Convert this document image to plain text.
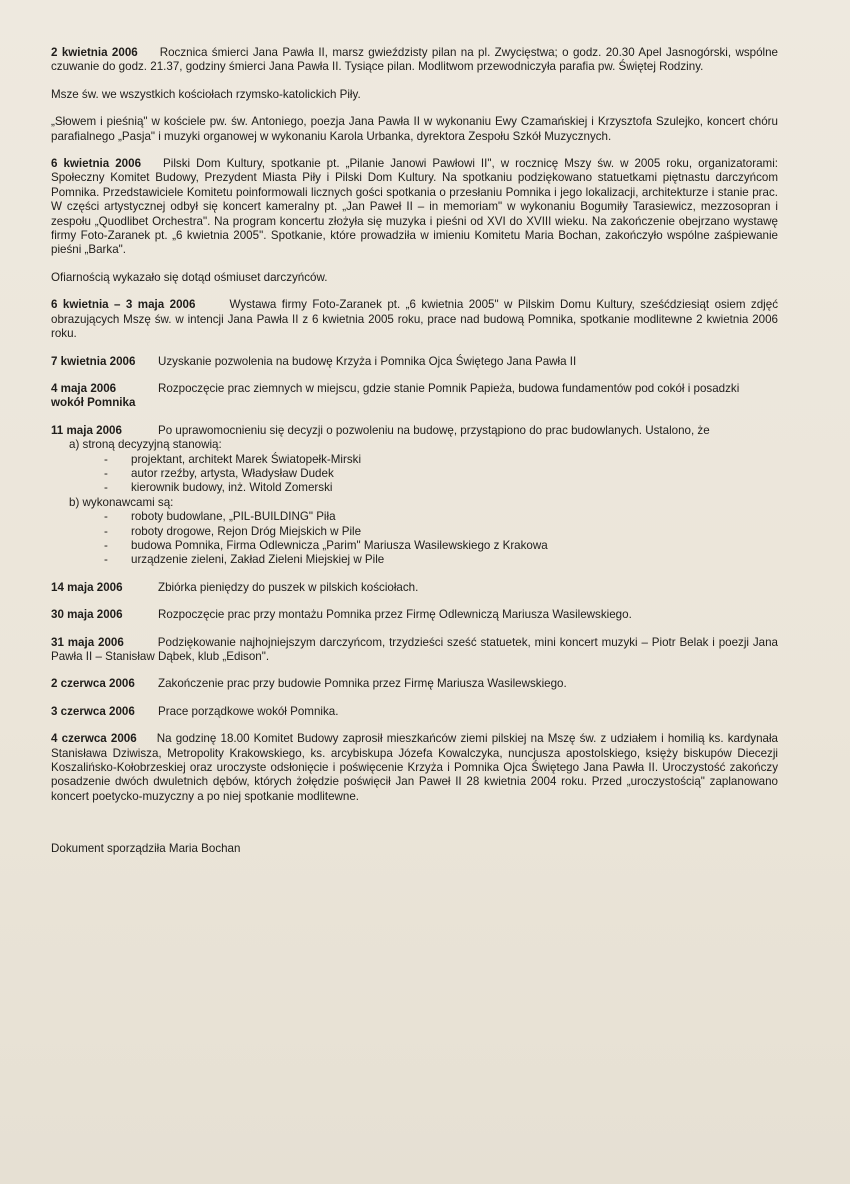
2 kwietnia 2006 Rocznica śmierci Jana Pawła II, marsz gwieździsty pilan na pl. Zwycięstwa; o godz. 20.30 Apel Jasnogórski, wspólne czuwanie do godz. 21.37, godziny śmierci Jana Pawła II. Tysiące pilan. Modlitwom przewodniczyła parafia pw. Świętej Rodziny.

Msze św. we wszystkich kościołach rzymsko-katolickich Piły.

„Słowem i pieśnią" w kościele pw. św. Antoniego, poezja Jana Pawła II w wykonaniu Ewy Czamańskiej i Krzysztofa Szulejko, koncert chóru parafialnego „Pasja" i muzyki organowej w wykonaniu Karola Urbanka, dyrektora Zespołu Szkół Muzycznych.

6 kwietnia 2006 Pilski Dom Kultury, spotkanie pt. „Pilanie Janowi Pawłowi II", w rocznicę Mszy św. w 2005 roku, organizatorami: Społeczny Komitet Budowy, Prezydent Miasta Piły i Pilski Dom Kultury. Na spotkaniu podziękowano statuetkami piętnastu darczyńcom Pomnika. Przedstawiciele Komitetu poinformowali licznych gości spotkania o przesłaniu Pomnika i jego lokalizacji, architekturze i stanie prac. W części artystycznej odbył się koncert kameralny pt. „Jan Paweł II – in memoriam" w wykonaniu Bogumiły Tarasiewicz, mezzosopran i zespołu „Quodlibet Orchestra". Na program koncertu złożyła się muzyka i pieśni od XVI do XVIII wieku. Na zakończenie obejrzano wystawę firmy Foto-Zaranek pt. „6 kwietnia 2005". Spotkanie, które prowadziła w imieniu Komitetu Maria Bochan, zakończyło wspólne zaśpiewanie pieśni „Barka".

Ofiarnością wykazało się dotąd ośmiuset darczyńców.

6 kwietnia – 3 maja 2006	Wystawa firmy Foto-Zaranek pt. „6 kwietnia 2005" w Pilskim Domu Kultury, sześćdziesiąt osiem zdjęć obrazujących Mszę św. w intencji Jana Pawła II z 6 kwietnia 2005 roku, prace nad budową Pomnika, spotkanie modlitewne 2 kwietnia 2006 roku.

7 kwietnia 2006	Uzyskanie pozwolenia na budowę Krzyża i Pomnika Ojca Świętego Jana Pawła II
4 maja 2006	Rozpoczęcie prac ziemnych w miejscu, gdzie stanie Pomnik Papieża, budowa fundamentów pod cokół i posadzki

wokół Pomnika

11 maja 2006	Po uprawomocnieniu się decyzji o pozwoleniu na budowę, przystąpiono do prac budowlanych. Ustalono, że

a) stroną decyzyjną stanowią:

- projektant, architekt Marek Światopełk-Mirski
- autor rzeźby, artysta, Władysław Dudek
- kierownik budowy, inż. Witold Zomerski

b) wykonawcami są:

- roboty budowlane, „PIL-BUILDING" Piła
- roboty drogowe, Rejon Dróg Miejskich w Pile
- budowa Pomnika, Firma Odlewnicza „Parim" Mariusza Wasilewskiego z Krakowa
- urządzenie zieleni, Zakład Zieleni Miejskiej w Pile
14 maja 2006	Zbiórka pieniędzy do puszek w pilskich kościołach.
30 maja 2006	Rozpoczęcie prac przy montażu Pomnika przez Firmę Odlewniczą Mariusza Wasilewskiego.

31 maja 2006	Podziękowanie najhojniejszym darczyńcom, trzydzieści sześć statuetek, mini koncert muzyki – Piotr Belak i poezji Jana Pawła II – Stanisław Dąbek, klub „Edison".

2 czerwca 2006	Zakończenie prac przy budowie Pomnika przez Firmę Mariusza Wasilewskiego.
3 czerwca 2006	Prace porządkowe wokół Pomnika.

4 czerwca 2006 Na godzinę 18.00 Komitet Budowy zaprosił mieszkańców ziemi pilskiej na Mszę św. z udziałem i homilią ks. kardynała Stanisława Dziwisza, Metropolity Krakowskiego, ks. arcybiskupa Józefa Kowalczyka, nuncjusza apostolskiego, księży biskupów Diecezji Koszalińsko-Kołobrzeskiej oraz uroczyste odsłonięcie i poświęcenie Krzyża i Pomnika Ojca Świętego Jana Pawła II. Uroczystość zakończy posadzenie dwóch dwuletnich dębów, których żołędzie poświęcił Jan Paweł II 28 kwietnia 2004 roku. Przed „uroczystością" zaplanowano koncert poetycko-muzyczny a po niej spotkanie modlitewne.

Dokument sporządziła Maria Bochan
